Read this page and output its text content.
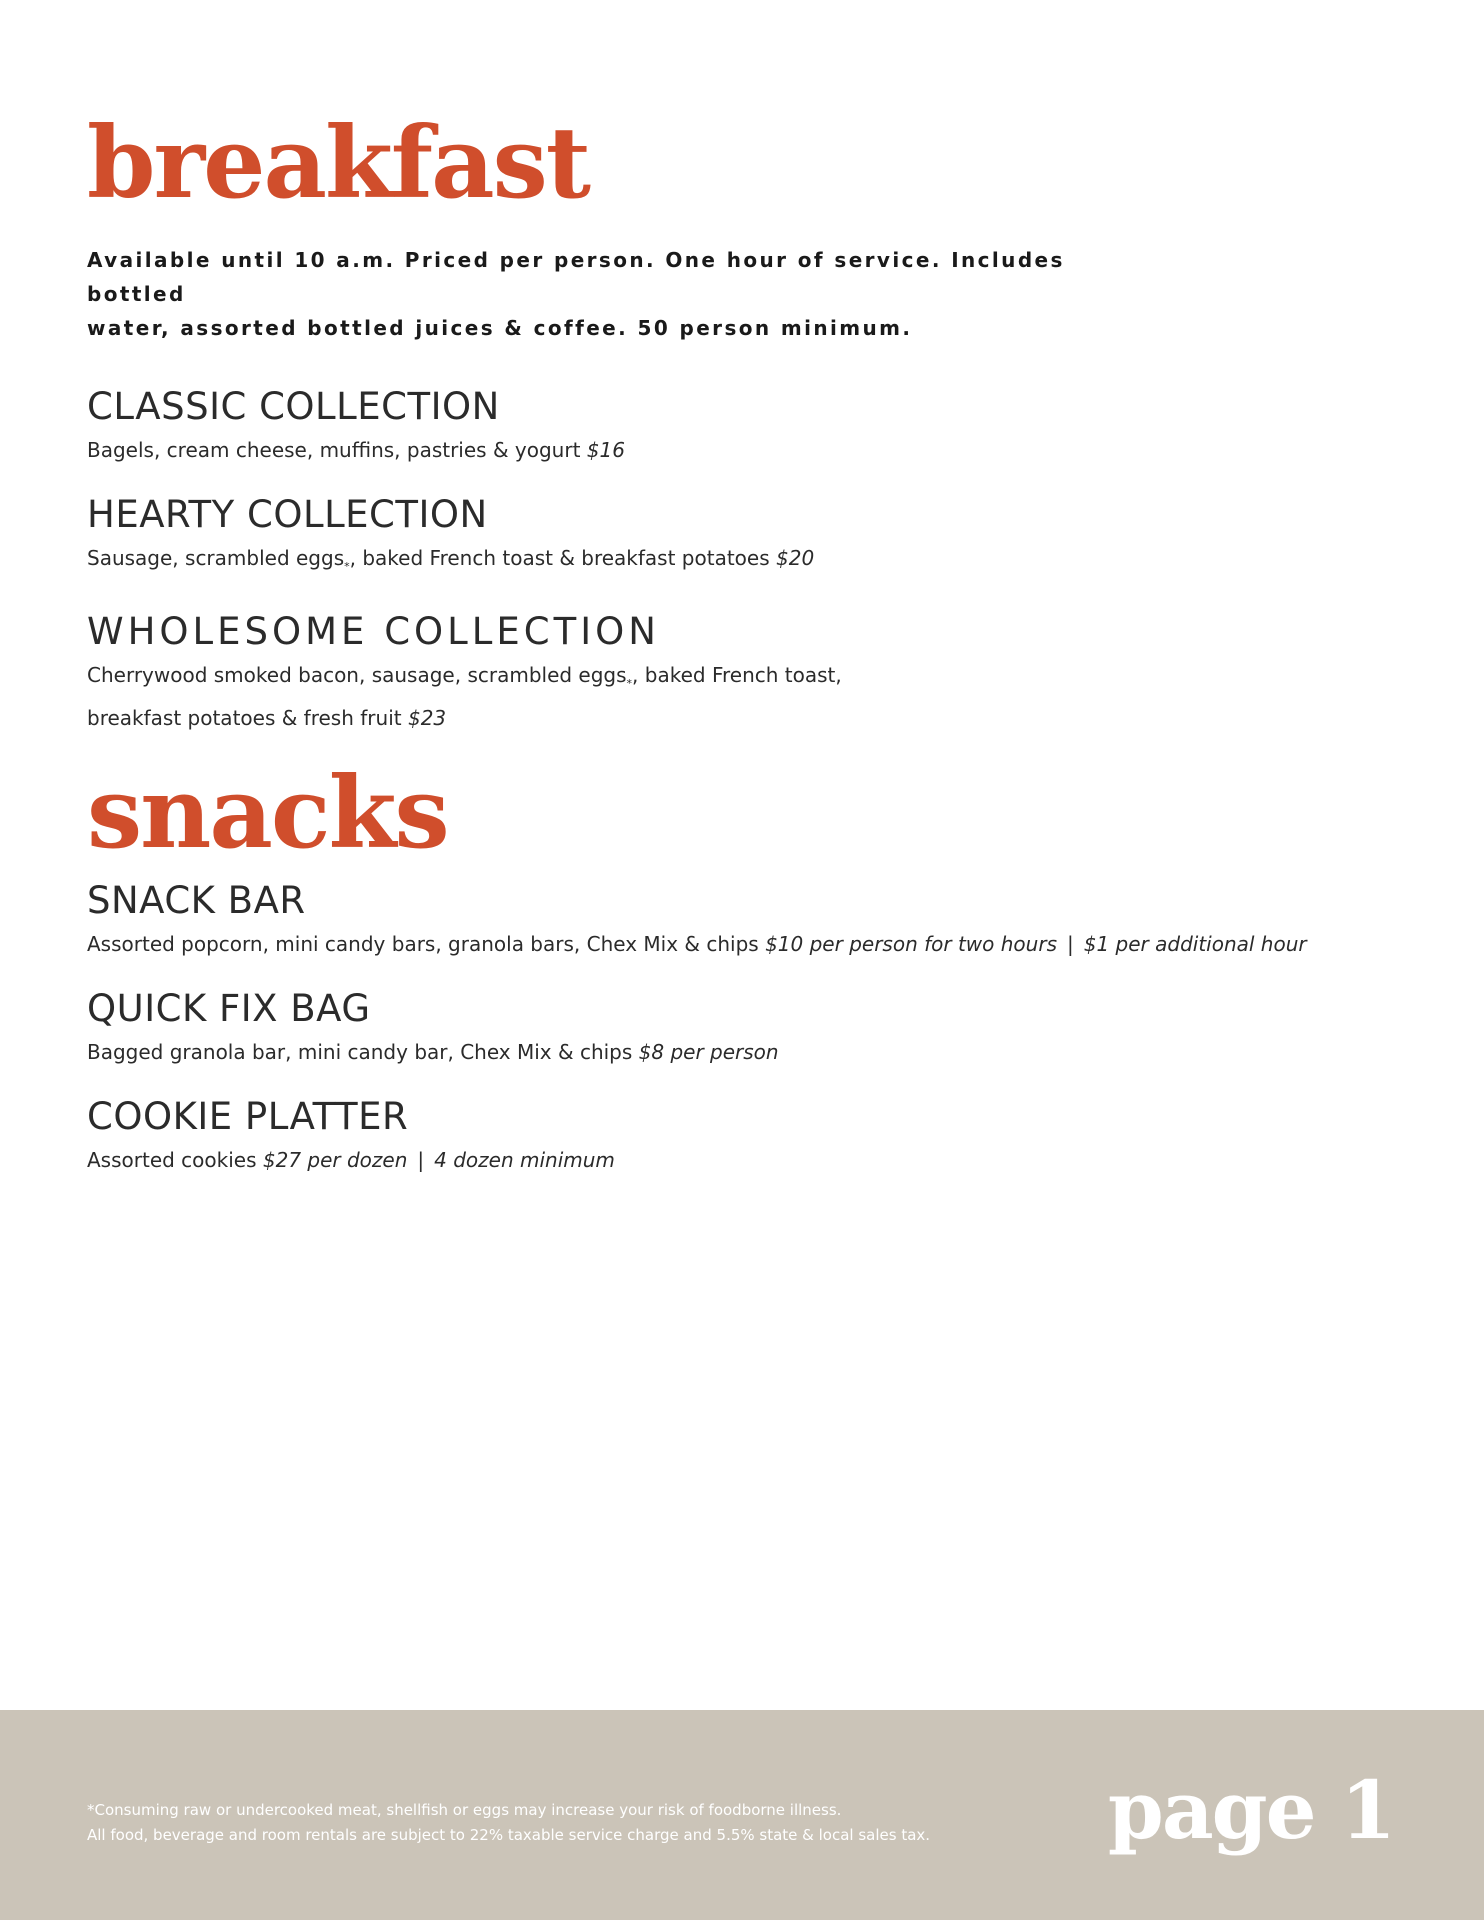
breakfast
Available until 10 a.m. Priced per person. One hour of service. Includes bottled
water, assorted bottled juices & coffee. 50 person minimum.
CLASSIC COLLECTION

Bagels, cream cheese, muffins, pastries & yogurt $16

HEARTY COLLECTION

Sausage, scrambled eggs$_*$, baked French toast & breakfast potatoes $20

WHOLESOME COLLECTION

Cherrywood smoked bacon, sausage, scrambled eggs$_*$, baked French toast, breakfast potatoes & fresh fruit $23

snacks
SNACK BAR

Assorted popcorn, mini candy bars, granola bars, Chex Mix & chips $10 per person for two hours | $1 per additional hour

QUICK FIX BAG

Bagged granola bar, mini candy bar, Chex Mix & chips $8 per person

COOKIE PLATTER

Assorted cookies $27 per dozen | 4 dozen minimum

*Consuming raw or undercooked meat, shellfish or eggs may increase your risk of foodborne illness.

All food, beverage and room rentals are subject to 22% taxable service charge and 5.5% state & local sales tax. page 1
